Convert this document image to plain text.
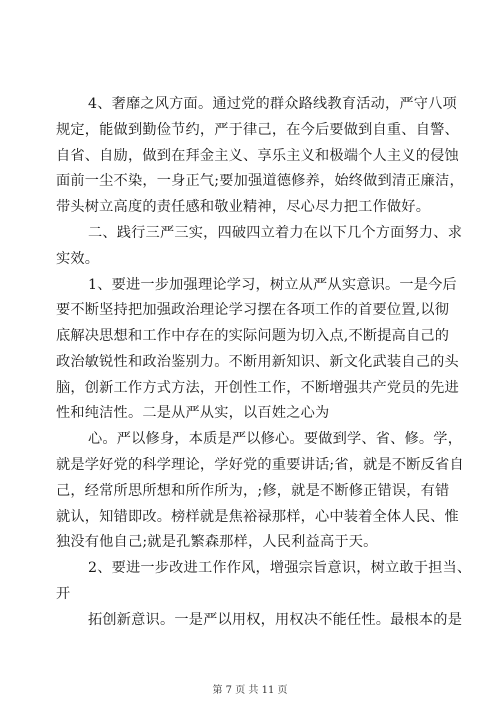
4、奢靡之风方面。通过党的群众路线教育活动，严守八项
规定，能做到勤俭节约，严于律己，在今后要做到自重、自警、
自省、自励，做到在拜金主义、享乐主义和极端个人主义的侵蚀
面前一尘不染，一身正气;要加强道德修养，始终做到清正廉洁，
带头树立高度的责任感和敬业精神，尽心尽力把工作做好。
二、践行三严三实，四破四立着力在以下几个方面努力、求
实效。
1、要进一步加强理论学习，树立从严从实意识。一是今后
要不断坚持把加强政治理论学习摆在各项工作的首要位置,以彻
底解决思想和工作中存在的实际问题为切入点,不断提高自己的
政治敏锐性和政治鉴别力。不断用新知识、新文化武装自己的头
脑，创新工作方式方法，开创性工作，不断增强共产党员的先进
性和纯洁性。二是从严从实，以百姓之心为
心。严以修身，本质是严以修心。要做到学、省、修。学，
就是学好党的科学理论，学好党的重要讲话;省，就是不断反省自
己，经常所思所想和所作所为，;修，就是不断修正错误，有错
就认，知错即改。榜样就是焦裕禄那样，心中装着全体人民、惟
独没有他自己;就是孔繁森那样，人民利益高于天。
2、要进一步改进工作作风，增强宗旨意识，树立敢于担当、
开
拓创新意识。一是严以用权，用权决不能任性。最根本的是
第 7 页 共 11 页
